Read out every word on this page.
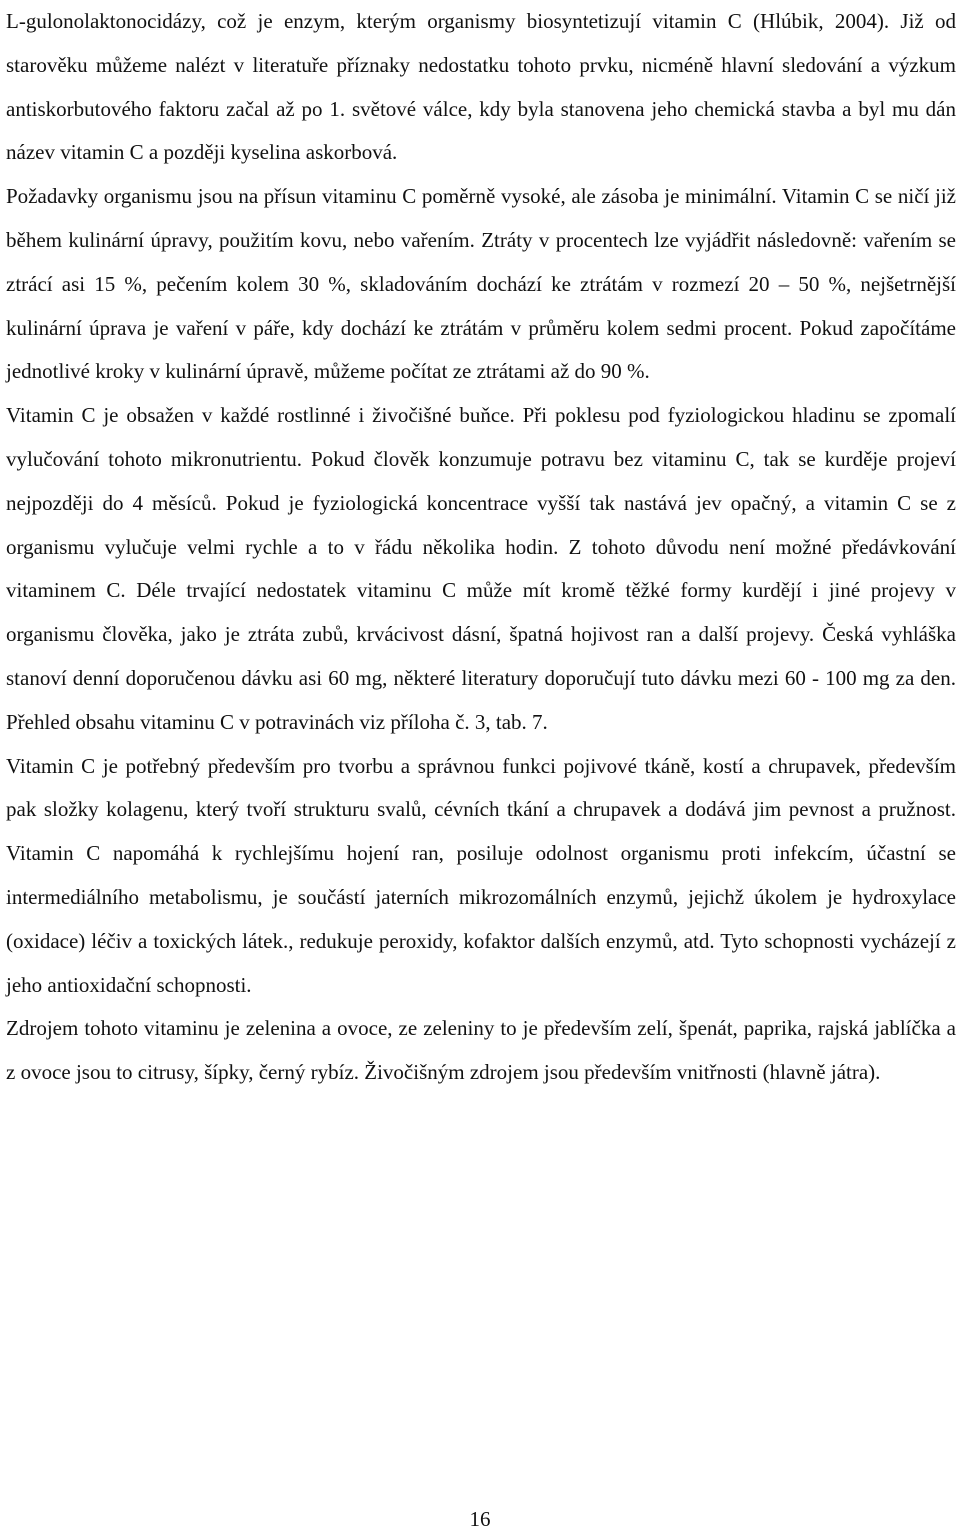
L-gulonolaktonocidázy, což je enzym, kterým organismy biosyntetizují vitamin C (Hlúbik, 2004). Již od starověku můžeme nalézt v literatuře příznaky nedostatku tohoto prvku, nicméně hlavní sledování a výzkum antiskorbutového faktoru začal až po 1. světové válce, kdy byla stanovena jeho chemická stavba a byl mu dán název vitamin C a později kyselina askorbová.

Požadavky organismu jsou na přísun vitaminu C poměrně vysoké, ale zásoba je minimální. Vitamin C se ničí již během kulinární úpravy, použitím kovu, nebo vařením. Ztráty v procentech lze vyjádřit následovně: vařením se ztrácí asi 15 %, pečením kolem 30 %, skladováním dochází ke ztrátám v rozmezí 20 – 50 %, nejšetrnější kulinární úprava je vaření v páře, kdy dochází ke ztrátám v průměru kolem sedmi procent. Pokud započítáme jednotlivé kroky v kulinární úpravě, můžeme počítat ze ztrátami až do 90 %.

Vitamin C je obsažen v každé rostlinné i živočišné buňce. Při poklesu pod fyziologickou hladinu se zpomalí vylučování tohoto mikronutrientu. Pokud člověk konzumuje potravu bez vitaminu C, tak se kurděje projeví nejpozději do 4 měsíců. Pokud je fyziologická koncentrace vyšší tak nastává jev opačný, a vitamin C se z organismu vylučuje velmi rychle a to v řádu několika hodin. Z tohoto důvodu není možné předávkování vitaminem C. Déle trvající nedostatek vitaminu C může mít kromě těžké formy kurdějí i jiné projevy v organismu člověka, jako je ztráta zubů, krvácivost dásní, špatná hojivost ran a další projevy. Česká vyhláška stanoví denní doporučenou dávku asi 60 mg, některé literatury doporučují tuto dávku mezi 60 - 100 mg za den. Přehled obsahu vitaminu C v potravinách viz příloha č. 3, tab. 7.

Vitamin C je potřebný především pro tvorbu a správnou funkci pojivové tkáně, kostí a chrupavek, především pak složky kolagenu, který tvoří strukturu svalů, cévních tkání a chrupavek a dodává jim pevnost a pružnost. Vitamin C napomáhá k rychlejšímu hojení ran, posiluje odolnost organismu proti infekcím, účastní se intermediálního metabolismu, je součástí jaterních mikrozomálních enzymů, jejichž úkolem je hydroxylace (oxidace) léčiv a toxických látek., redukuje peroxidy, kofaktor dalších enzymů, atd. Tyto schopnosti vycházejí z jeho antioxidační schopnosti.

Zdrojem tohoto vitaminu je zelenina a ovoce, ze zeleniny to je především zelí, špenát, paprika, rajská jablíčka a z ovoce jsou to citrusy, šípky, černý rybíz. Živočišným zdrojem jsou především vnitřnosti (hlavně játra).

16
